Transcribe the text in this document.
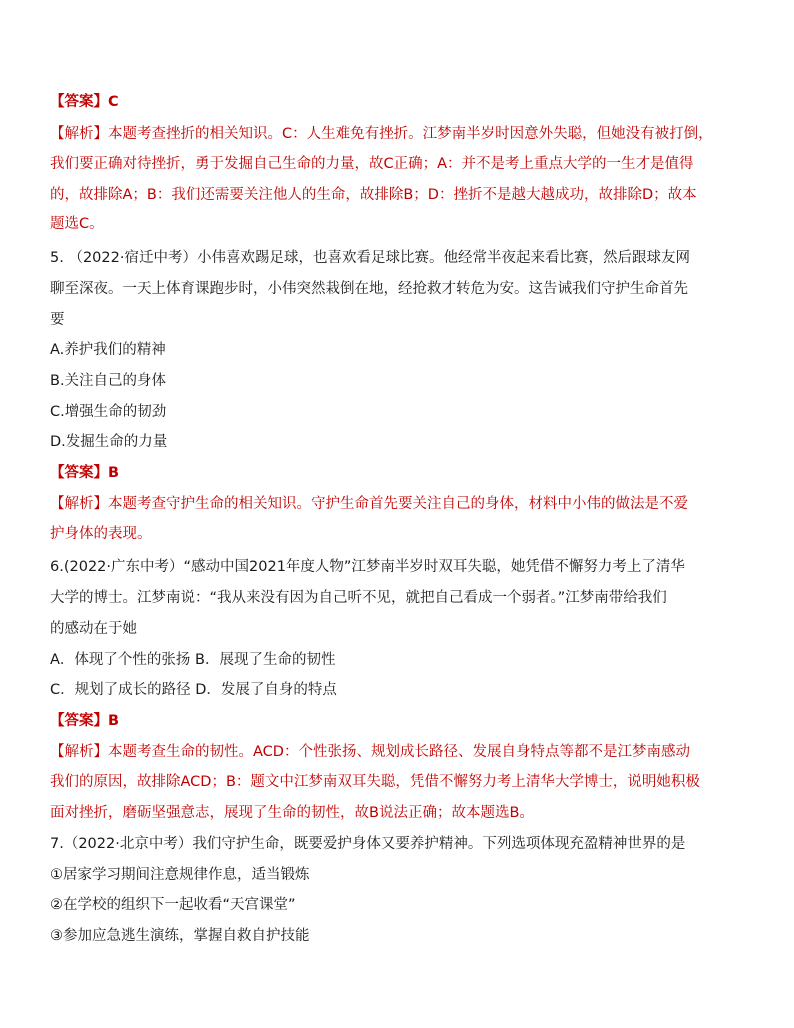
【答案】C
【解析】本题考查挫折的相关知识。C：人生难免有挫折。江梦南半岁时因意外失聪，但她没有被打倒，
我们要正确对待挫折，勇于发掘自己生命的力量，故C正确；A：并不是考上重点大学的一生才是值得
的，故排除A；B：我们还需要关注他人的生命，故排除B；D：挫折不是越大越成功，故排除D；故本
题选C。
5. （2022·宿迁中考）小伟喜欢踢足球，也喜欢看足球比赛。他经常半夜起来看比赛，然后跟球友网
聊至深夜。一天上体育课跑步时，小伟突然栽倒在地，经抢救才转危为安。这告诫我们守护生命首先
要
A.养护我们的精神
B.关注自己的身体
C.增强生命的韧劲
D.发掘生命的力量
【答案】B
【解析】本题考查守护生命的相关知识。守护生命首先要关注自己的身体，材料中小伟的做法是不爱
护身体的表现。
6.(2022·广东中考）“感动中国2021年度人物”江梦南半岁时双耳失聪，她凭借不懈努力考上了清华
大学的博士。江梦南说：“我从来没有因为自己听不见，就把自己看成一个弱者。”江梦南带给我们
的感动在于她
A．体现了个性的张扬 B．展现了生命的韧性
C．规划了成长的路径 D．发展了自身的特点
【答案】B
【解析】本题考查生命的韧性。ACD：个性张扬、规划成长路径、发展自身特点等都不是江梦南感动
我们的原因，故排除ACD；B：题文中江梦南双耳失聪，凭借不懈努力考上清华大学博士，说明她积极
面对挫折，磨砺坚强意志，展现了生命的韧性，故B说法正确；故本题选B。
7.（2022·北京中考）我们守护生命，既要爱护身体又要养护精神。下列选项体现充盈精神世界的是
①居家学习期间注意规律作息，适当锻炼
②在学校的组织下一起收看“天宫课堂”
③参加应急逃生演练，掌握自救自护技能
